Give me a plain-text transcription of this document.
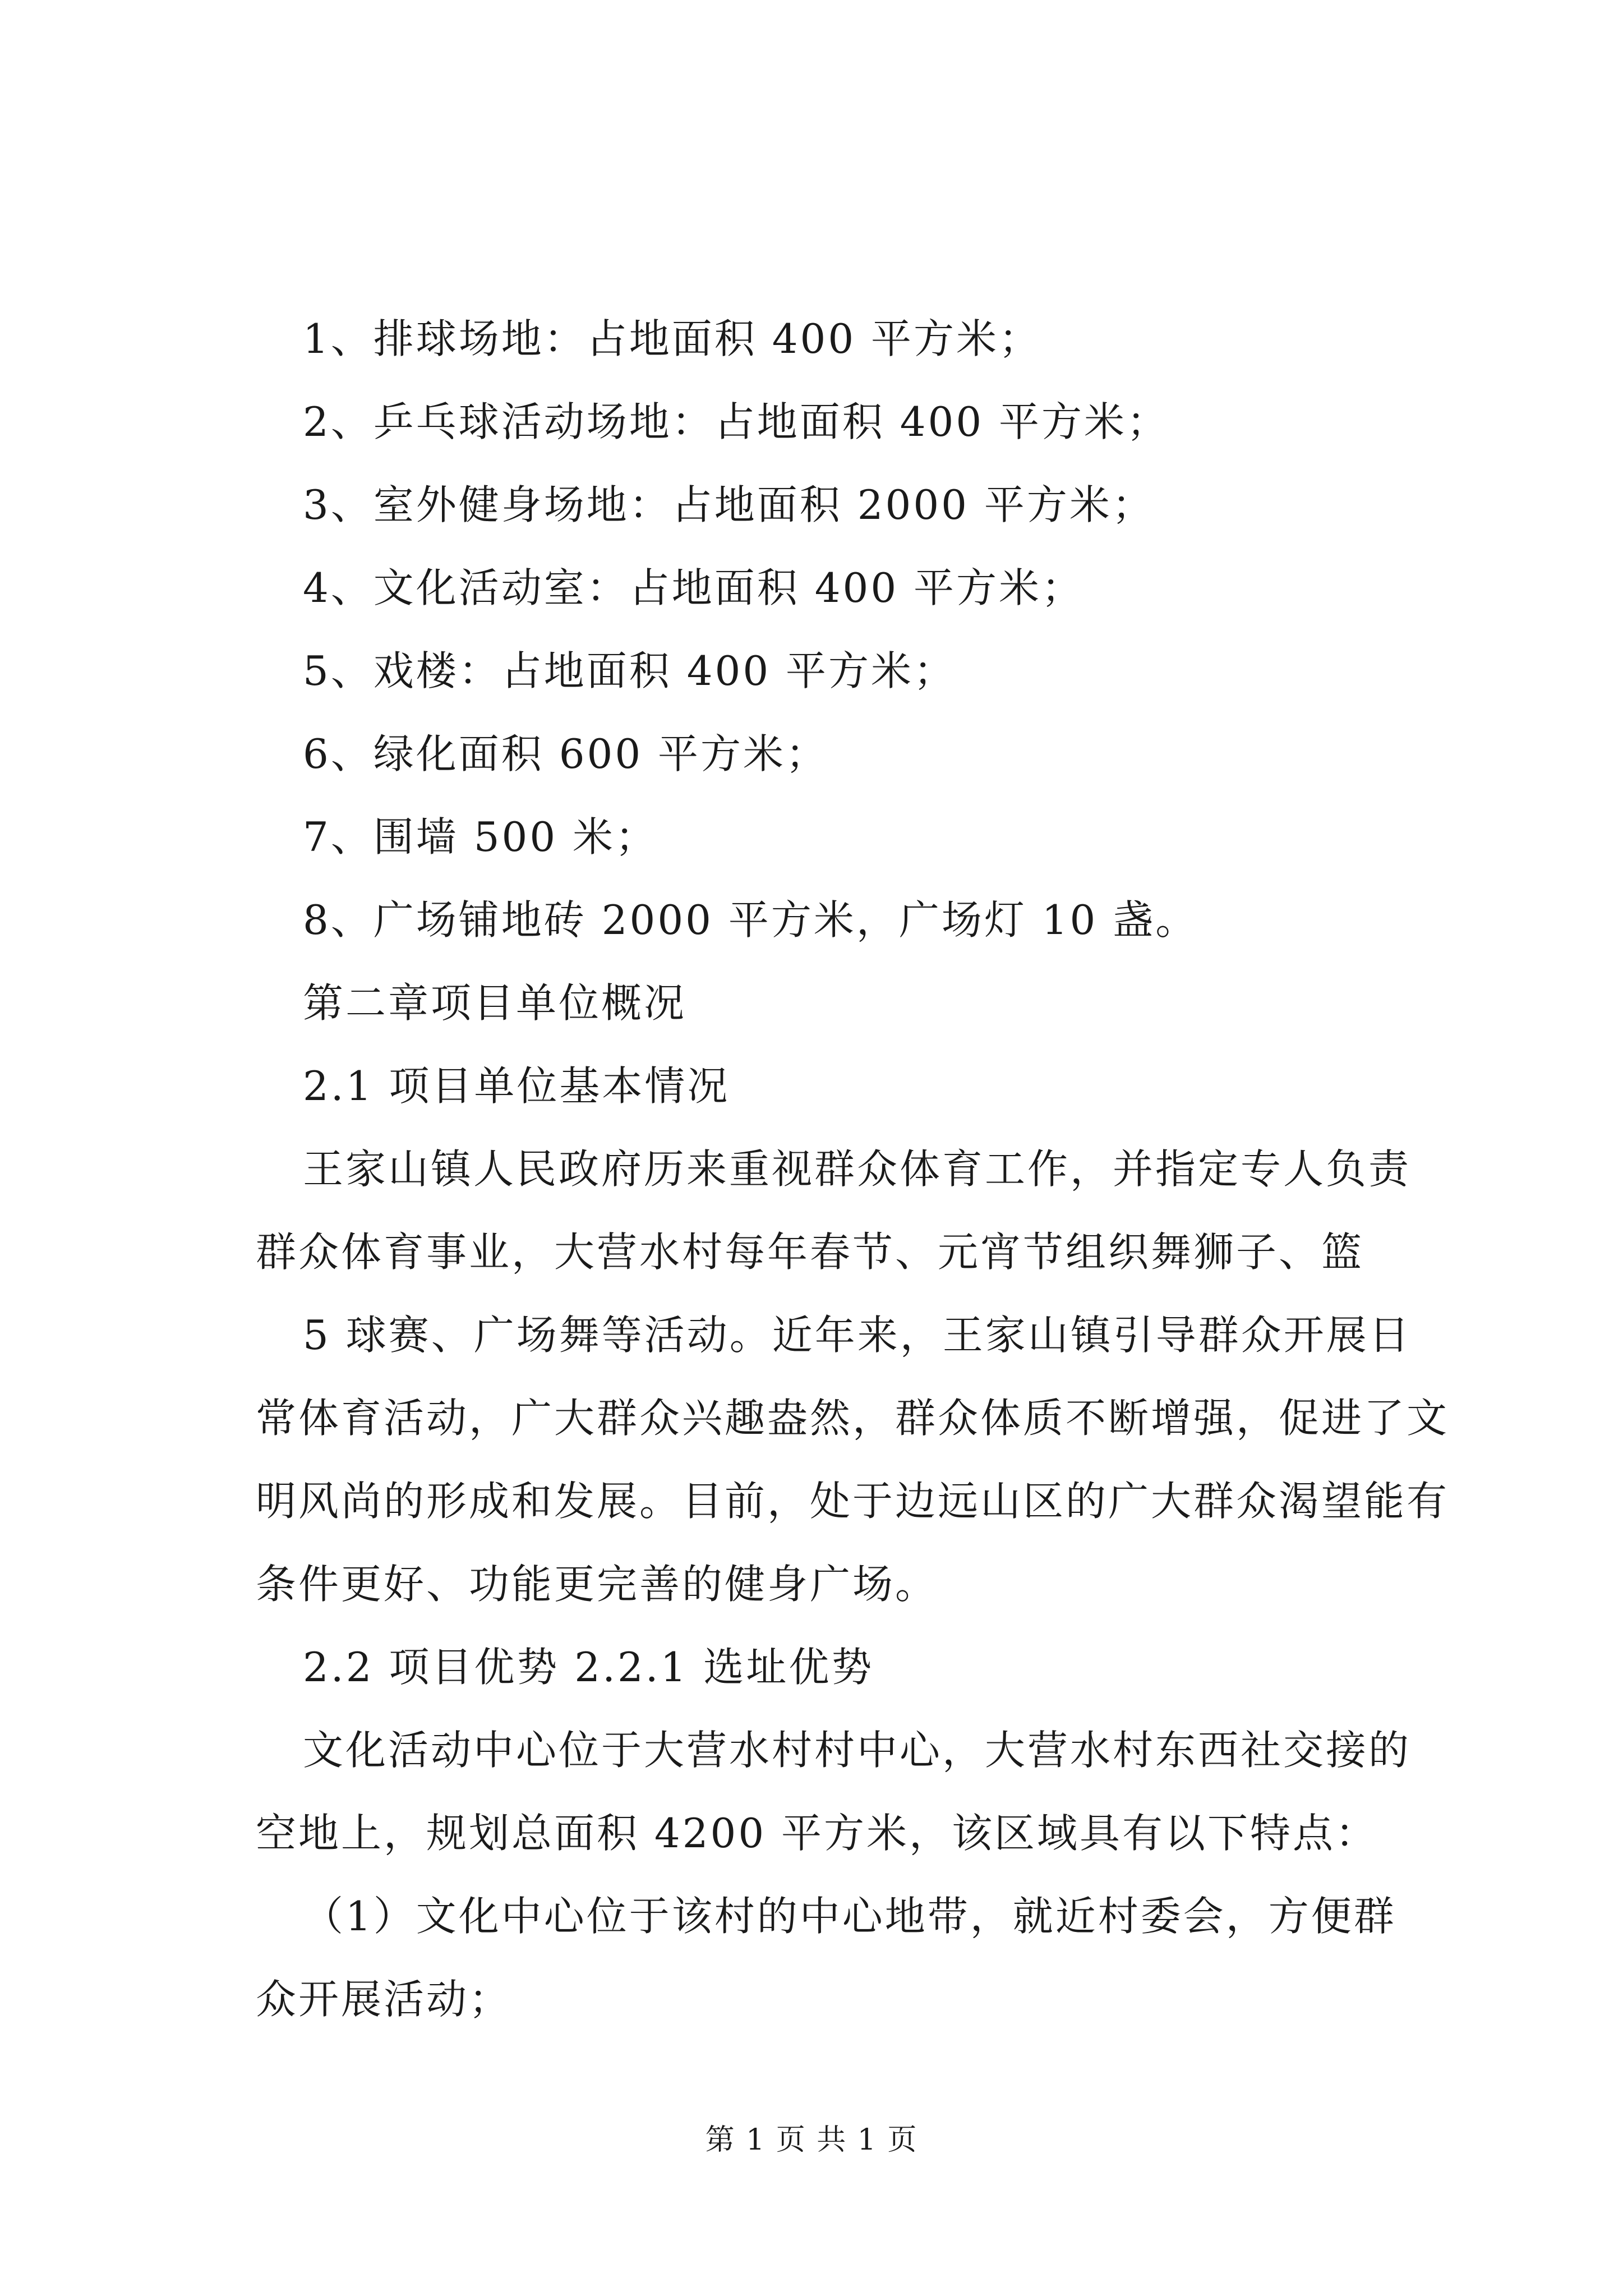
1、排球场地：占地面积 400 平方米；
2、乒乓球活动场地：占地面积 400 平方米；
3、室外健身场地：占地面积 2000 平方米；
4、文化活动室：占地面积 400 平方米；
5、戏楼：占地面积 400 平方米；
6、绿化面积 600 平方米；
7、围墙 500 米；
8、广场铺地砖 2000 平方米，广场灯 10 盏。
第二章项目单位概况
2.1 项目单位基本情况
王家山镇人民政府历来重视群众体育工作，并指定专人负责
群众体育事业，大营水村每年春节、元宵节组织舞狮子、篮
5 球赛、广场舞等活动。近年来，王家山镇引导群众开展日
常体育活动，广大群众兴趣盎然，群众体质不断增强，促进了文
明风尚的形成和发展。目前，处于边远山区的广大群众渴望能有
条件更好、功能更完善的健身广场。
2.2 项目优势 2.2.1 选址优势
文化活动中心位于大营水村村中心，大营水村东西社交接的
空地上，规划总面积 4200 平方米，该区域具有以下特点：
（1）文化中心位于该村的中心地带，就近村委会，方便群
众开展活动；
第 1 页 共 1 页
